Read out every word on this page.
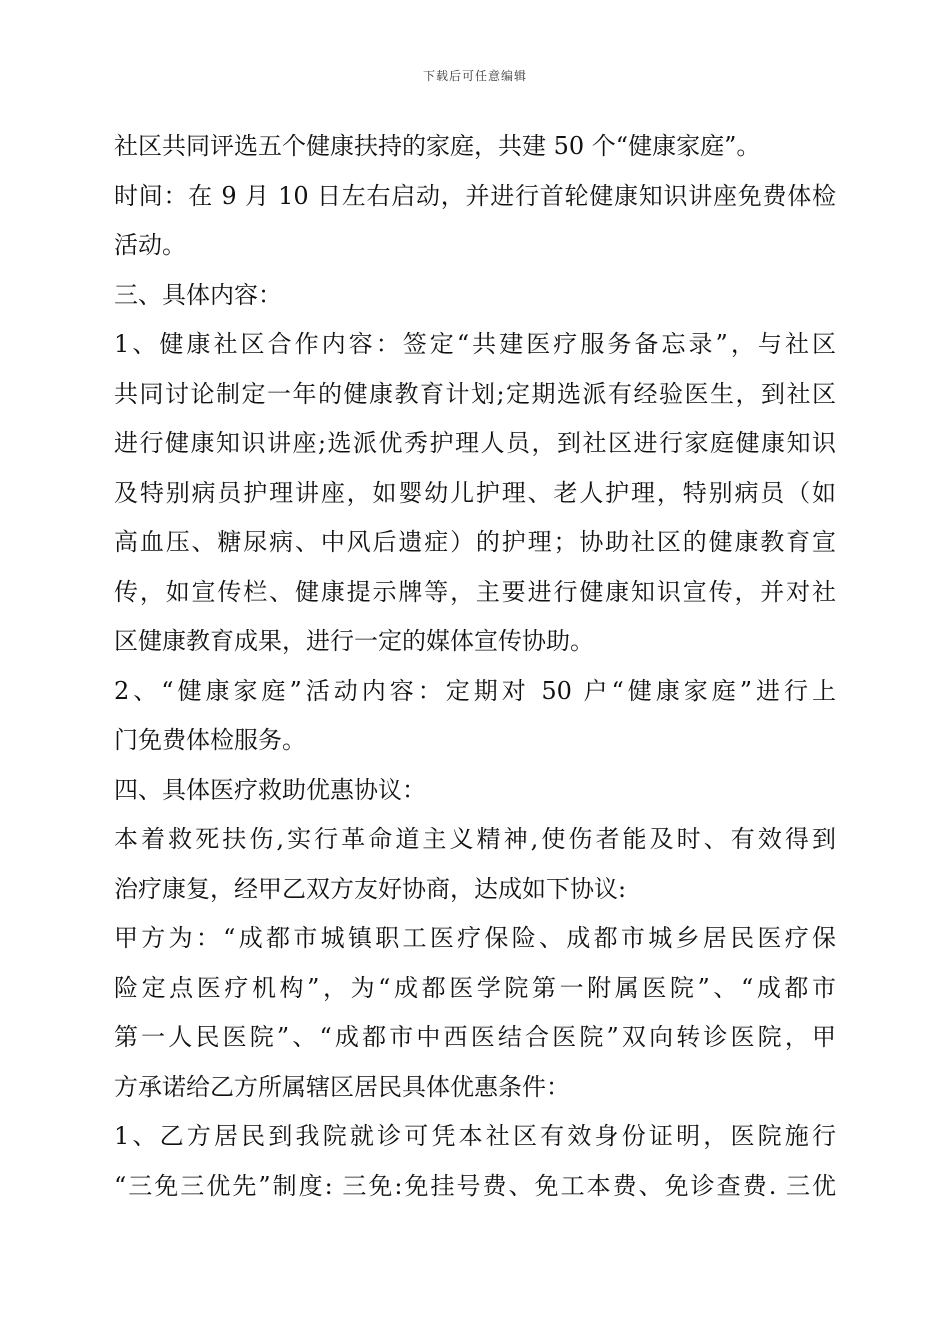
下载后可任意编辑
社区共同评选五个健康扶持的家庭，共建 50 个“健康家庭”。
时间：在 9 月 10 日左右启动，并进行首轮健康知识讲座免费体检
活动。
三、具体内容：
1、健康社区合作内容：签定“共建医疗服务备忘录”，与社区
共同讨论制定一年的健康教育计划;定期选派有经验医生，到社区
进行健康知识讲座;选派优秀护理人员，到社区进行家庭健康知识
及特别病员护理讲座，如婴幼儿护理、老人护理，特别病员（如
高血压、糖尿病、中风后遗症）的护理；协助社区的健康教育宣
传，如宣传栏、健康提示牌等，主要进行健康知识宣传，并对社
区健康教育成果，进行一定的媒体宣传协助。
2、“健康家庭”活动内容：定期对 50 户“健康家庭”进行上
门免费体检服务。
四、具体医疗救助优惠协议：
本着救死扶伤,实行革命道主义精神,使伤者能及时、有效得到
治疗康复，经甲乙双方友好协商，达成如下协议:
甲方为：“成都市城镇职工医疗保险、成都市城乡居民医疗保
险定点医疗机构”，为“成都医学院第一附属医院”、“成都市
第一人民医院”、“成都市中西医结合医院”双向转诊医院，甲
方承诺给乙方所属辖区居民具体优惠条件：
1、乙方居民到我院就诊可凭本社区有效身份证明，医院施行
“三免三优先”制度: 三免:免挂号费、免工本费、免诊查费. 三优
